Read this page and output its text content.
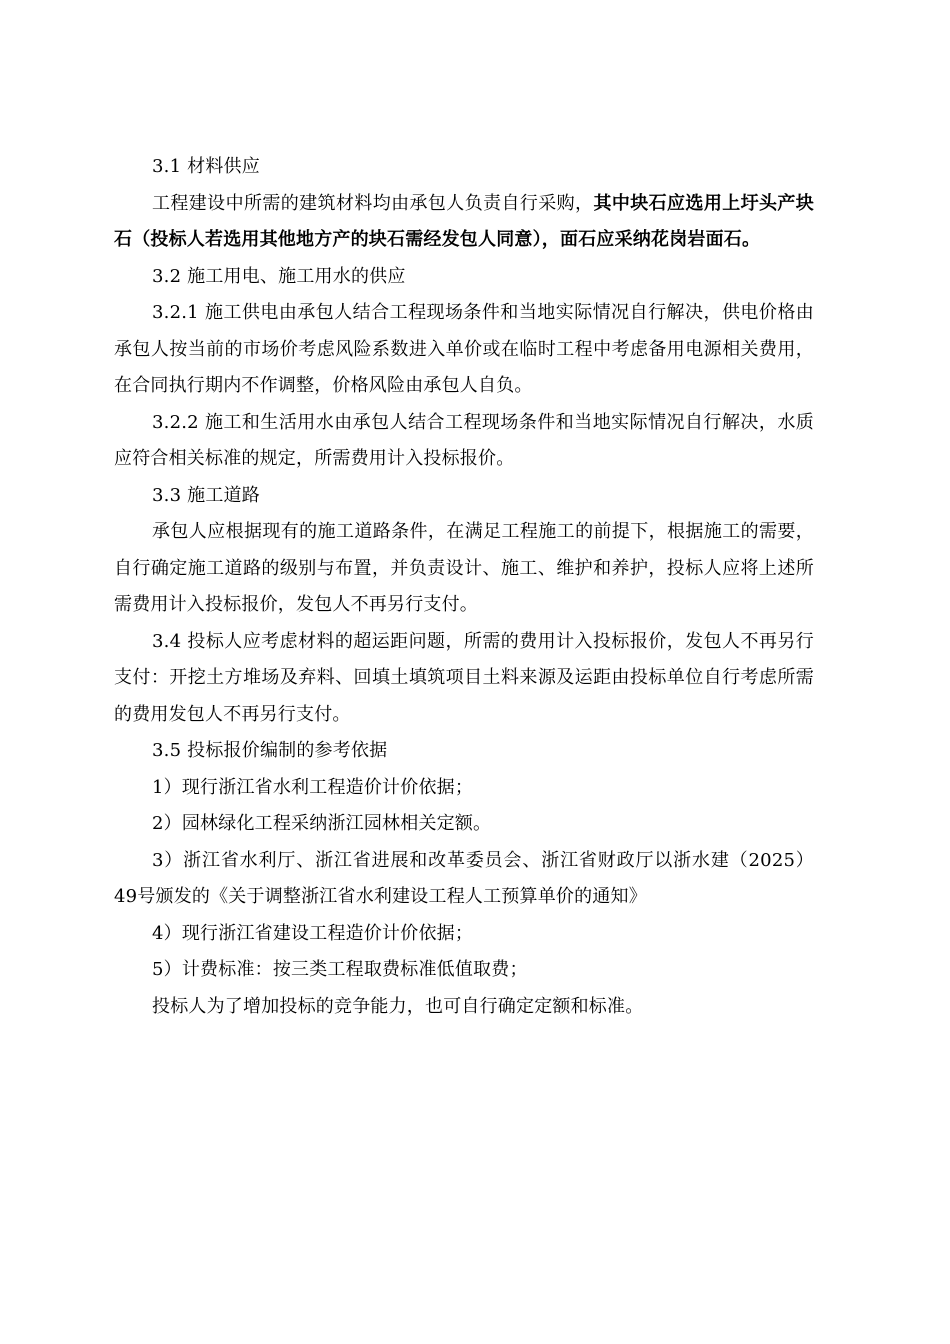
3.1 材料供应

工程建设中所需的建筑材料均由承包人负责自行采购，其中块石应选用上圩头产块石（投标人若选用其他地方产的块石需经发包人同意），面石应采纳花岗岩面石。

3.2 施工用电、施工用水的供应

3.2.1 施工供电由承包人结合工程现场条件和当地实际情况自行解决，供电价格由承包人按当前的市场价考虑风险系数进入单价或在临时工程中考虑备用电源相关费用，在合同执行期内不作调整，价格风险由承包人自负。

3.2.2 施工和生活用水由承包人结合工程现场条件和当地实际情况自行解决，水质应符合相关标准的规定，所需费用计入投标报价。

3.3 施工道路

承包人应根据现有的施工道路条件，在满足工程施工的前提下，根据施工的需要，自行确定施工道路的级别与布置，并负责设计、施工、维护和养护，投标人应将上述所需费用计入投标报价，发包人不再另行支付。

3.4 投标人应考虑材料的超运距问题，所需的费用计入投标报价，发包人不再另行支付：开挖土方堆场及弃料、回填土填筑项目土料来源及运距由投标单位自行考虑所需的费用发包人不再另行支付。

3.5 投标报价编制的参考依据

1）现行浙江省水利工程造价计价依据；

2）园林绿化工程采纳浙江园林相关定额。

3）浙江省水利厅、浙江省进展和改革委员会、浙江省财政厅以浙水建（2025）49号颁发的《关于调整浙江省水利建设工程人工预算单价的通知》

4）现行浙江省建设工程造价计价依据；

5）计费标准：按三类工程取费标准低值取费；

投标人为了增加投标的竞争能力，也可自行确定定额和标准。
